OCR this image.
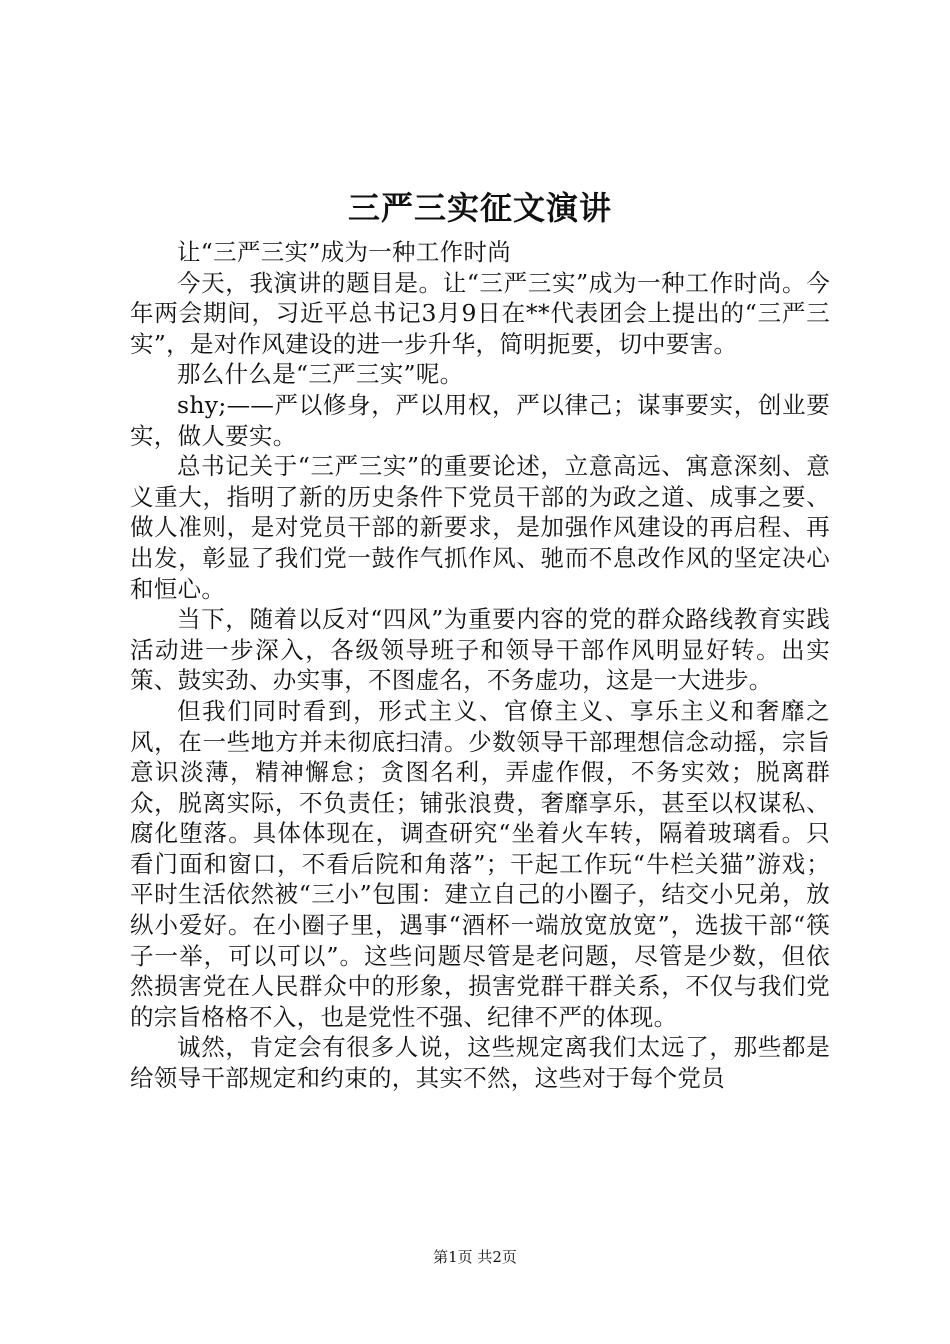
三严三实征文演讲

让“三严三实”成为一种工作时尚

今天，我演讲的题目是。让“三严三实”成为一种工作时尚。今年两会期间，习近平总书记3月9日在**代表团会上提出的“三严三实”，是对作风建设的进一步升华，简明扼要，切中要害。

那么什么是“三严三实”呢。

shy;——严以修身，严以用权，严以律己；谋事要实，创业要实，做人要实。

总书记关于“三严三实”的重要论述，立意高远、寓意深刻、意义重大，指明了新的历史条件下党员干部的为政之道、成事之要、做人准则，是对党员干部的新要求，是加强作风建设的再启程、再出发，彰显了我们党一鼓作气抓作风、驰而不息改作风的坚定决心和恒心。

当下，随着以反对“四风”为重要内容的党的群众路线教育实践活动进一步深入，各级领导班子和领导干部作风明显好转。出实策、鼓实劲、办实事，不图虚名，不务虚功，这是一大进步。

但我们同时看到，形式主义、官僚主义、享乐主义和奢靡之风，在一些地方并未彻底扫清。少数领导干部理想信念动摇，宗旨意识淡薄，精神懈怠；贪图名利，弄虚作假，不务实效；脱离群众，脱离实际，不负责任；铺张浪费，奢靡享乐，甚至以权谋私、腐化堕落。具体体现在，调查研究“坐着火车转，隔着玻璃看。只看门面和窗口，不看后院和角落”；干起工作玩“牛栏关猫”游戏；平时生活依然被“三小”包围：建立自己的小圈子，结交小兄弟，放纵小爱好。在小圈子里，遇事“酒杯一端放宽放宽”，选拔干部“筷子一举，可以可以”。这些问题尽管是老问题，尽管是少数，但依然损害党在人民群众中的形象，损害党群干群关系，不仅与我们党的宗旨格格不入，也是党性不强、纪律不严的体现。

诚然，肯定会有很多人说，这些规定离我们太远了，那些都是给领导干部规定和约束的，其实不然，这些对于每个党员

第1页 共2页
